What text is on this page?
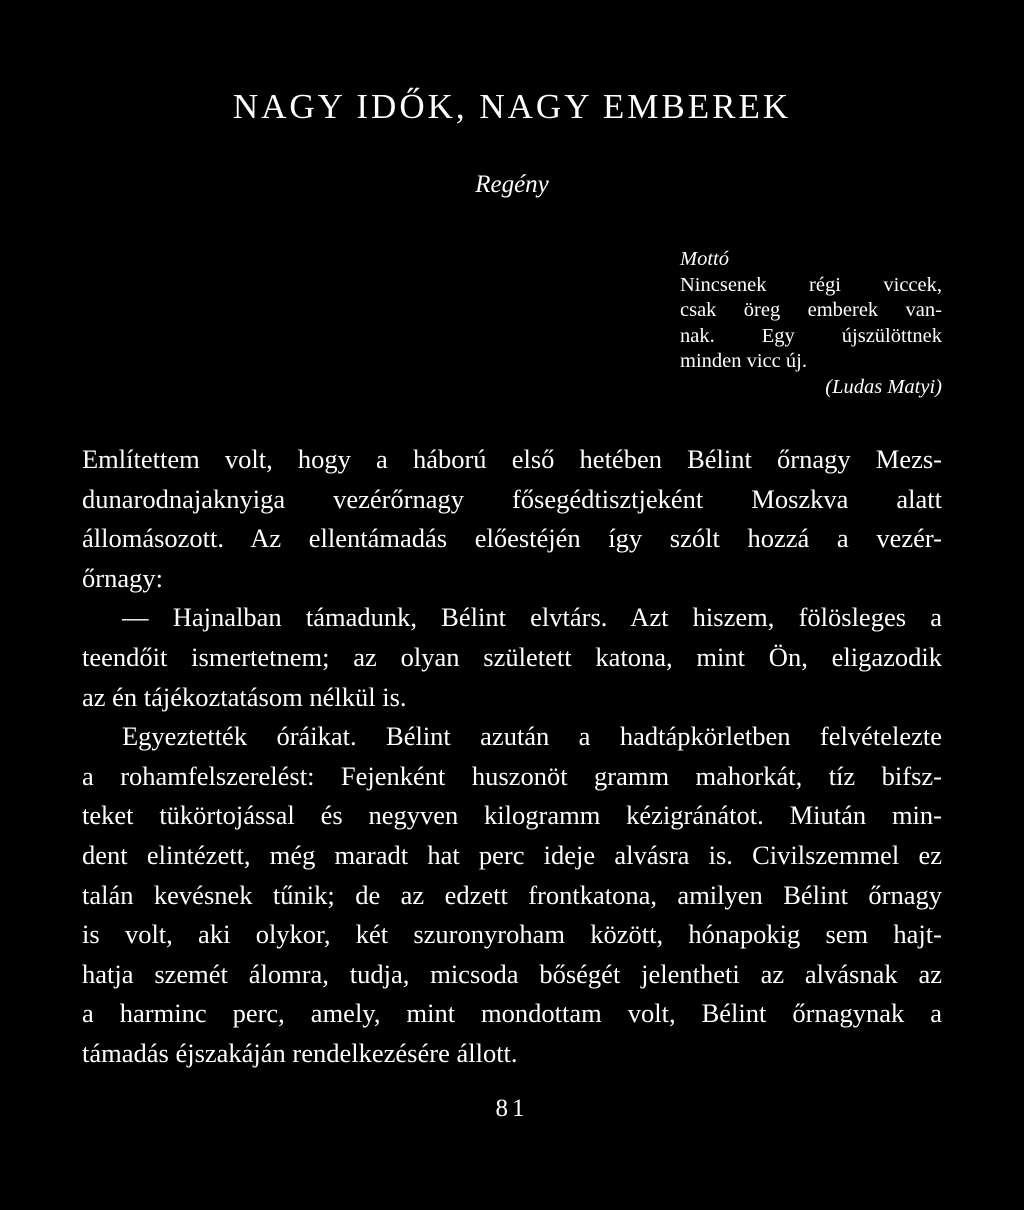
NAGY IDŐK, NAGY EMBEREK
Regény
Mottó
Nincsenek régi viccek,
csak öreg emberek van-
nak. Egy újszülöttnek
minden vicc új.
(Ludas Matyi)
Említettem volt, hogy a háború első hetében Bélint őrnagy Mezs-
dunarodnajaknyiga vezérőrnagy fősegédtisztjeként Moszkva alatt
állomásozott. Az ellentámadás előestéjén így szólt hozzá a vezér-
őrnagy:
— Hajnalban támadunk, Bélint elvtárs. Azt hiszem, fölösleges a
teendőit ismertetnem; az olyan született katona, mint Ön, eligazodik
az én tájékoztatásom nélkül is.
Egyeztették óráikat. Bélint azután a hadtápkörletben felvételezte
a rohamfelszerelést: Fejenként huszonöt gramm mahorkát, tíz bifsz-
teket tükörtojással és negyven kilogramm kézigránátot. Miután min-
dent elintézett, még maradt hat perc ideje alvásra is. Civilszemmel ez
talán kevésnek tűnik; de az edzett frontkatona, amilyen Bélint őrnagy
is volt, aki olykor, két szuronyroham között, hónapokig sem hajt-
hatja szemét álomra, tudja, micsoda bőségét jelentheti az alvásnak az
a harminc perc, amely, mint mondottam volt, Bélint őrnagynak a
támadás éjszakáján rendelkezésére állott.
81
